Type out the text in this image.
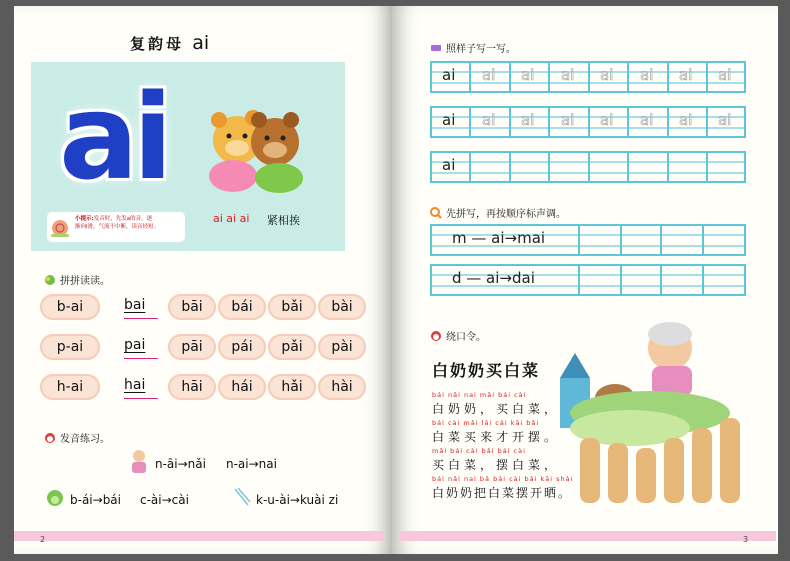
2
复韵母 ai
ai
小提示:发音时，先发a的音，逐
渐向i滑，气流不中断，读音轻短。
ai ai ai 紧相挨
拼拼读读。
b-ai	bai	bāi	bái	bǎi	bài
p-ai	pai	pāi	pái	pǎi	pài
h-ai	hai	hāi	hái	hǎi	hài
发音练习。
n-āi→nǎi n-ai→nai
b-ái→bái c-ài→cài	k-u-ài→kuài zi
3
照样子写一写。
ai ai ai ai ai ai ai ai
ai ai ai ai ai ai ai ai
ai
先拼写，再按顺序标声调。
m — ai→mai
d — ai→dai
绕口令。
白奶奶买白菜
bái nǎi nai mǎi bái cài
白奶奶，买白菜，
bái cài mǎi lái cái kāi bǎi
白菜买来才开摆。
mǎi bái cài bǎi bái cài
买白菜，摆白菜，
bái nǎi nai bǎ bái cài bǎi kāi shài
白奶奶把白菜摆开晒。
